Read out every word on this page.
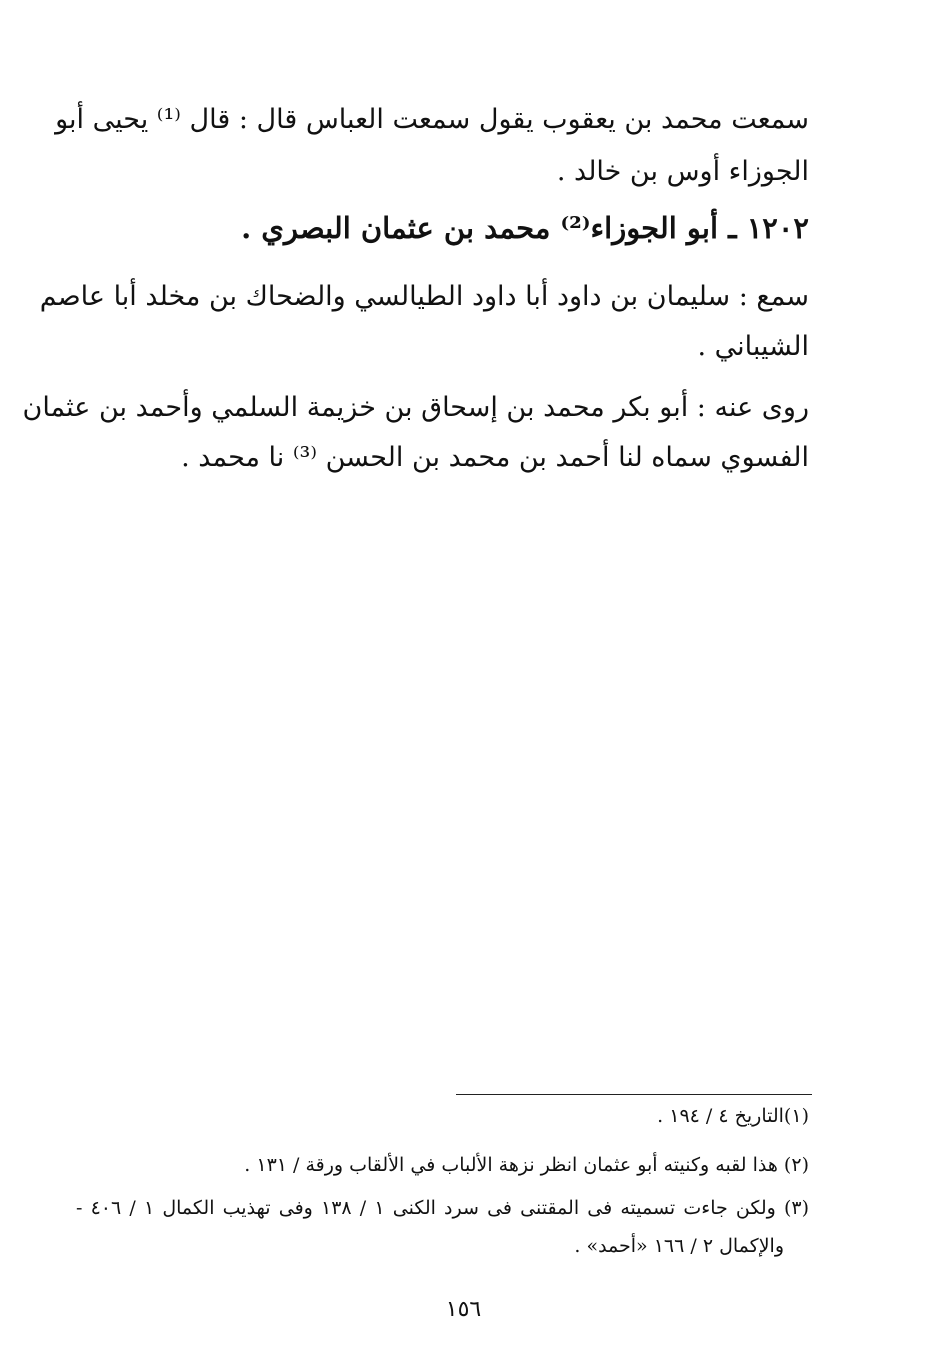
سمعت محمد بن يعقوب يقول سمعت العباس قال : قال ⁽¹⁾ يحيى أبو
الجوزاء أوس بن خالد .
١٢٠٢ ـ أبو الجوزاء⁽²⁾ محمد بن عثمان البصري .
سمع : سليمان بن داود أبا داود الطيالسي والضحاك بن مخلد أبا عاصم
الشيباني .
روى عنه : أبو بكر محمد بن إسحاق بن خزيمة السلمي وأحمد بن عثمان
الفسوي سماه لنا أحمد بن محمد بن الحسن ⁽³⁾ نا محمد .
(١)التاريخ ٤ / ١٩٤ .
(٢) هذا لقبه وكنيته أبو عثمان انظر نزهة الألباب في الألقاب ورقة / ١٣١ .
(٣) ولكن جاءت تسميته فى المقتنى فى سرد الكنى ١ / ١٣٨ وفى تهذيب الكمال ١ / ٤٠٦ -
والإكمال ٢ / ١٦٦ «أحمد» .
١٥٦
